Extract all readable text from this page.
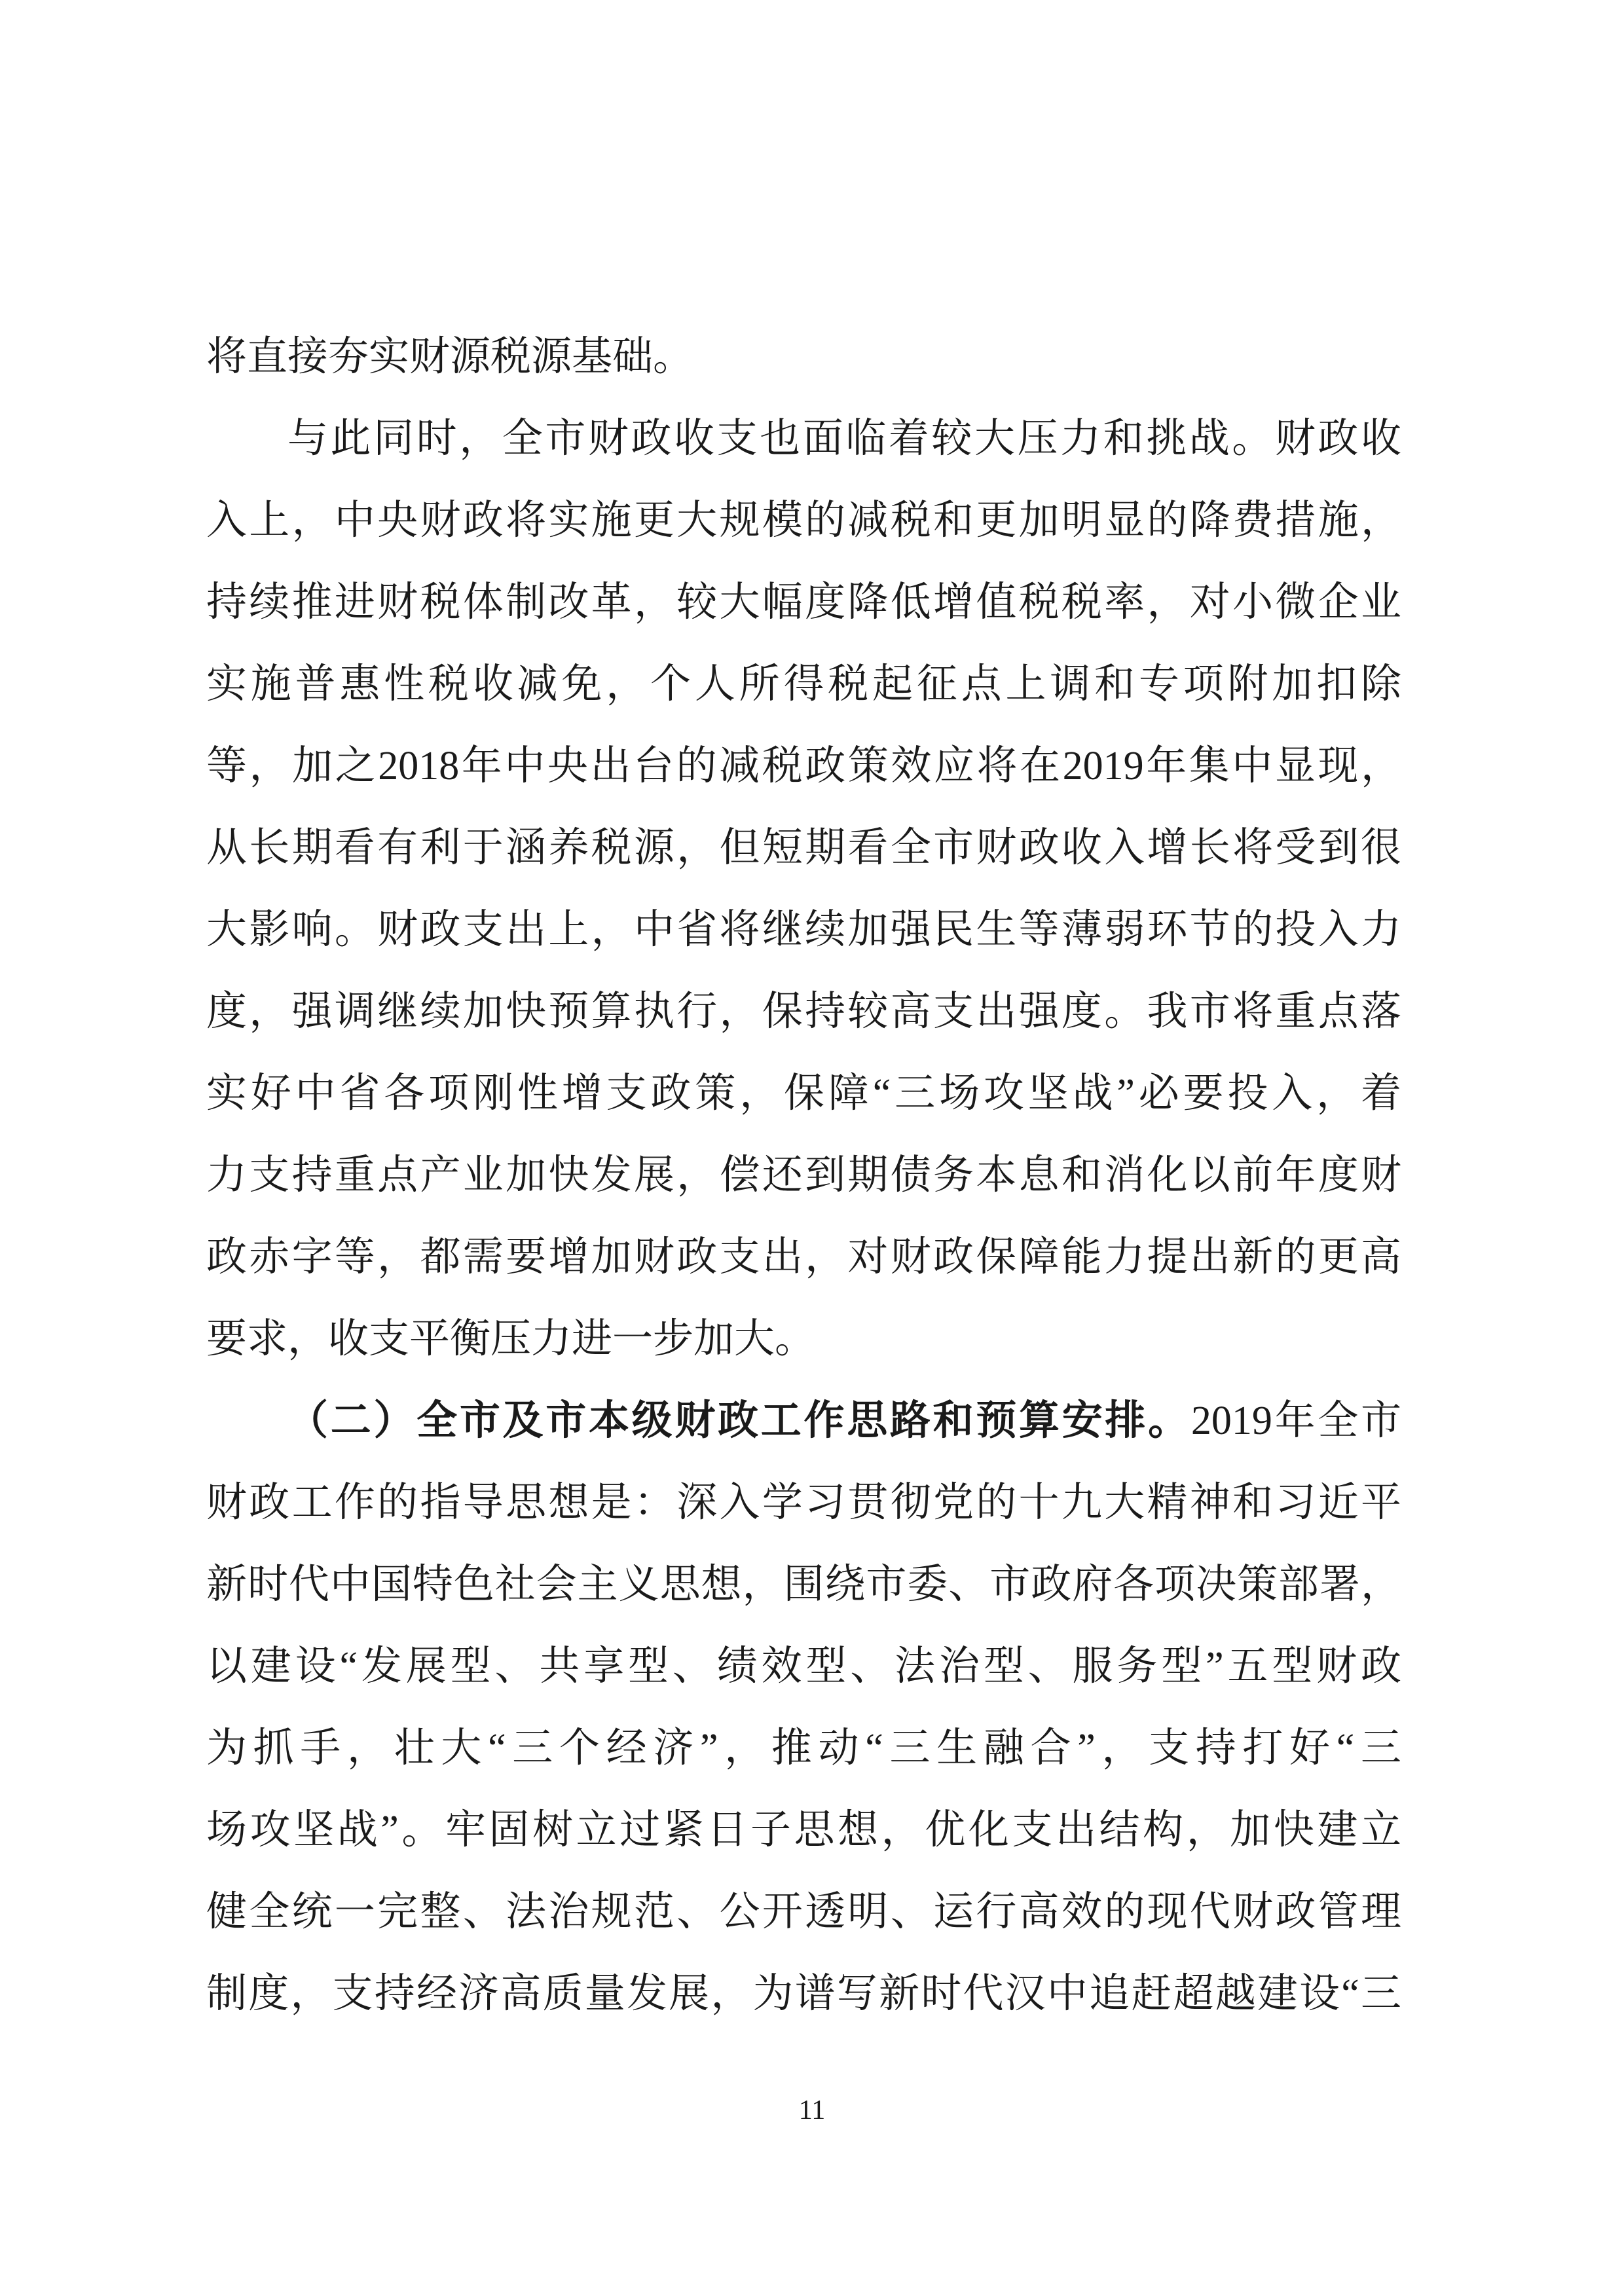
将直接夯实财源税源基础。
与此同时，全市财政收支也面临着较大压力和挑战。财政收
入上，中央财政将实施更大规模的减税和更加明显的降费措施，
持续推进财税体制改革，较大幅度降低增值税税率，对小微企业
实施普惠性税收减免，个人所得税起征点上调和专项附加扣除
等，加之2018年中央出台的减税政策效应将在2019年集中显现，
从长期看有利于涵养税源，但短期看全市财政收入增长将受到很
大影响。财政支出上，中省将继续加强民生等薄弱环节的投入力
度，强调继续加快预算执行，保持较高支出强度。我市将重点落
实好中省各项刚性增支政策，保障“三场攻坚战”必要投入，着
力支持重点产业加快发展，偿还到期债务本息和消化以前年度财
政赤字等，都需要增加财政支出，对财政保障能力提出新的更高
要求，收支平衡压力进一步加大。
（二）全市及市本级财政工作思路和预算安排。2019年全市
财政工作的指导思想是：深入学习贯彻党的十九大精神和习近平
新时代中国特色社会主义思想，围绕市委、市政府各项决策部署，
以建设“发展型、共享型、绩效型、法治型、服务型”五型财政
为抓手，壮大“三个经济”，推动“三生融合”，支持打好“三
场攻坚战”。牢固树立过紧日子思想，优化支出结构，加快建立
健全统一完整、法治规范、公开透明、运行高效的现代财政管理
制度，支持经济高质量发展，为谱写新时代汉中追赶超越建设“三
11
